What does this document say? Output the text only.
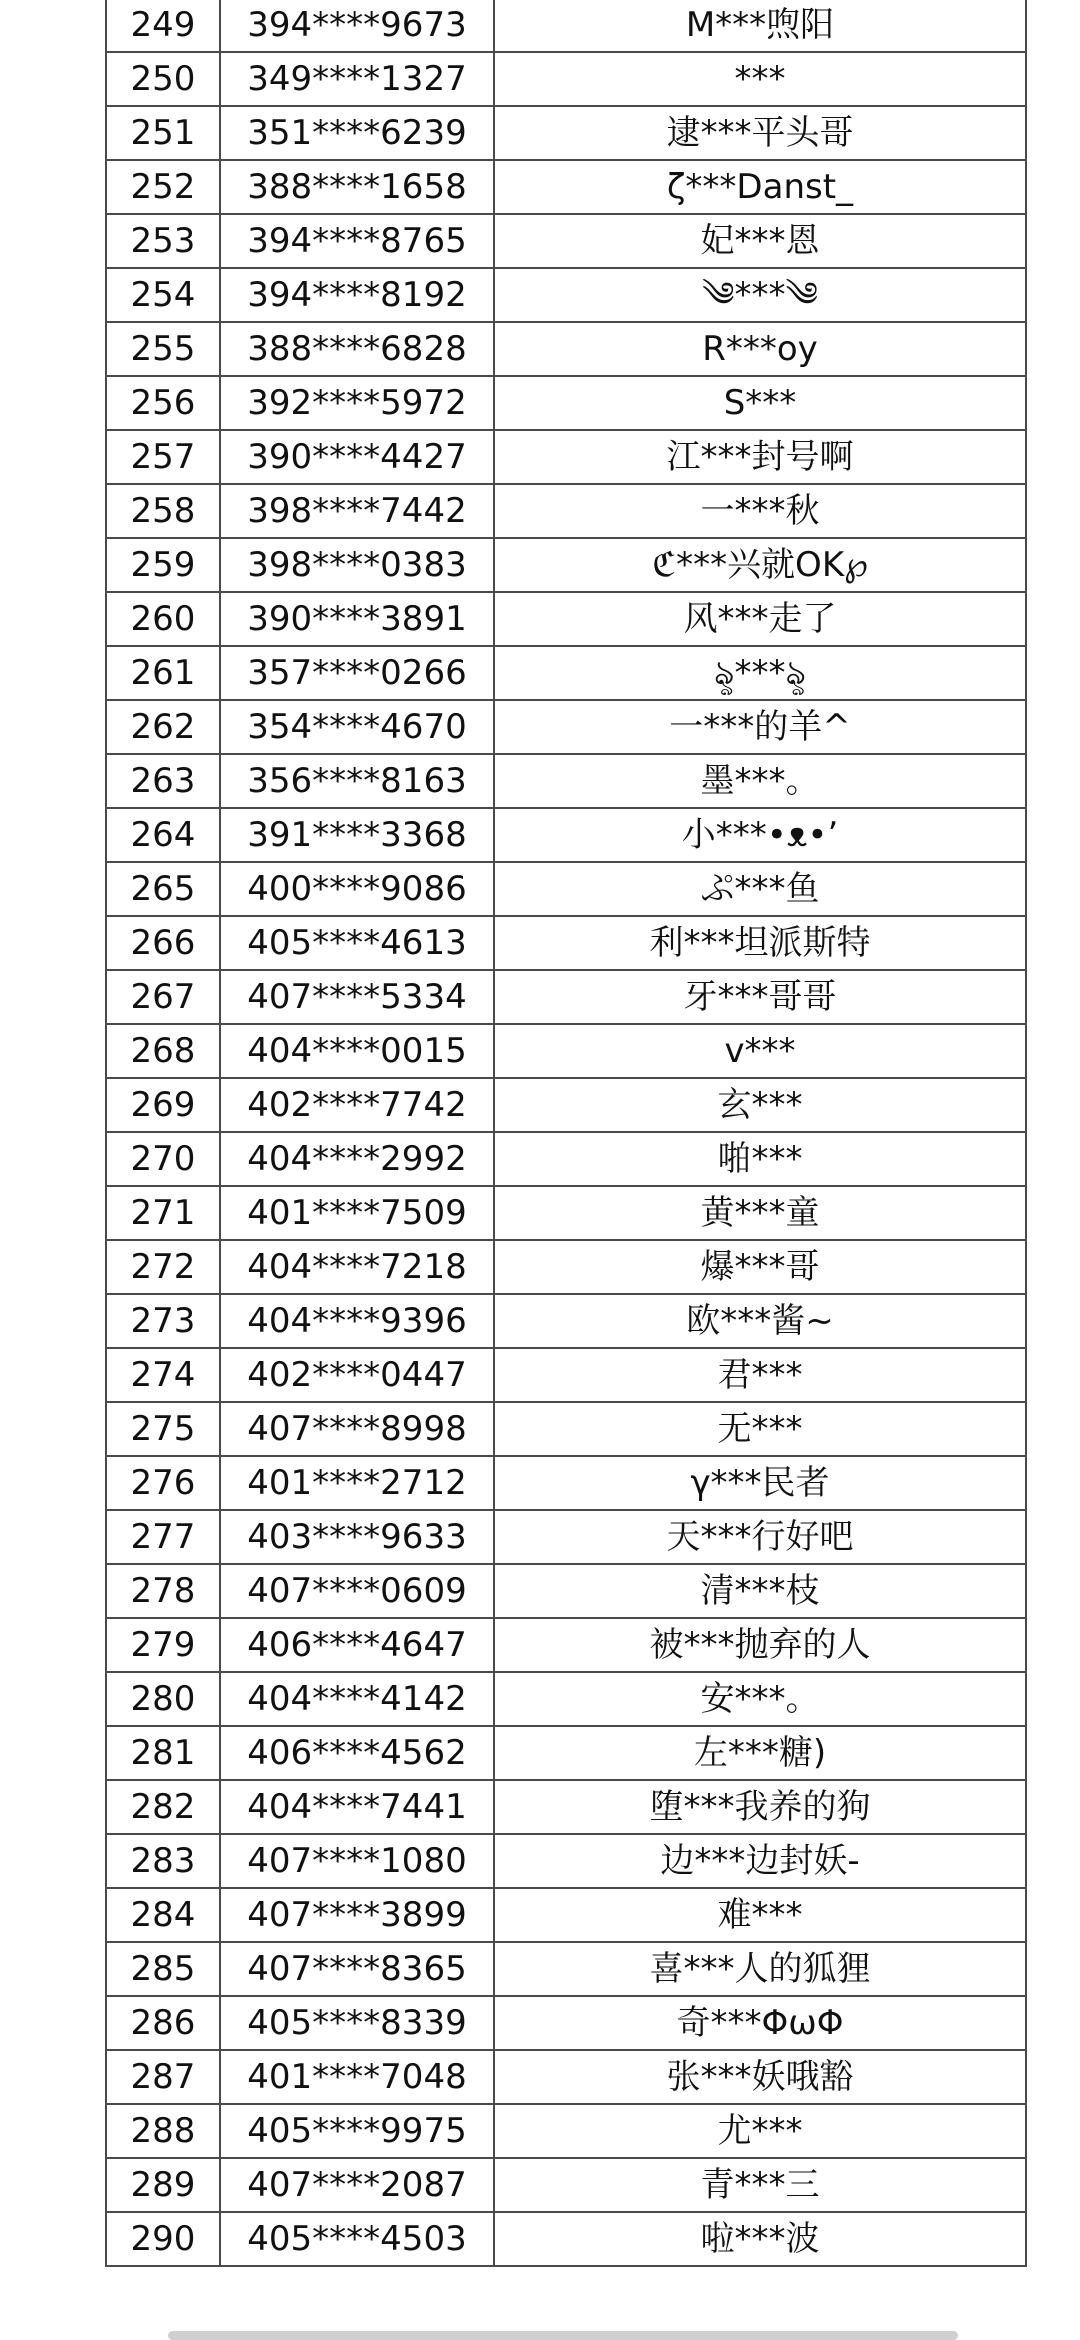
249	394****9673	M***喣阳
250	349****1327	***
251	351****6239	逮***平头哥
252	388****1658	ζ***Danst_
253	394****8765	妃***恩
254	394****8192	༄***༄
255	388****6828	R***oy
256	392****5972	S***
257	390****4427	江***封号啊
258	398****7442	一***秋
259	398****0383	ℭ***兴就OK℘
260	390****3891	风***走了
261	357****0266	ৡ***ৡ
262	354****4670	一***的羊^
263	356****8163	墨***。
264	391****3368	小***•ᴥ•ʼ
265	400****9086	ぷ***鱼
266	405****4613	利***坦派斯特
267	407****5334	牙***哥哥
268	404****0015	v***
269	402****7742	玄***
270	404****2992	啪***
271	401****7509	黄***童
272	404****7218	爆***哥
273	404****9396	欧***酱~
274	402****0447	君***
275	407****8998	无***
276	401****2712	γ***民者
277	403****9633	天***行好吧
278	407****0609	清***枝
279	406****4647	被***抛弃的人
280	404****4142	安***。
281	406****4562	左***糖)
282	404****7441	堕***我养的狗
283	407****1080	边***边封妖-
284	407****3899	难***
285	407****8365	喜***人的狐狸
286	405****8339	奇***ΦωΦ
287	401****7048	张***妖哦豁
288	405****9975	尤***
289	407****2087	青***三
290	405****4503	啦***波
